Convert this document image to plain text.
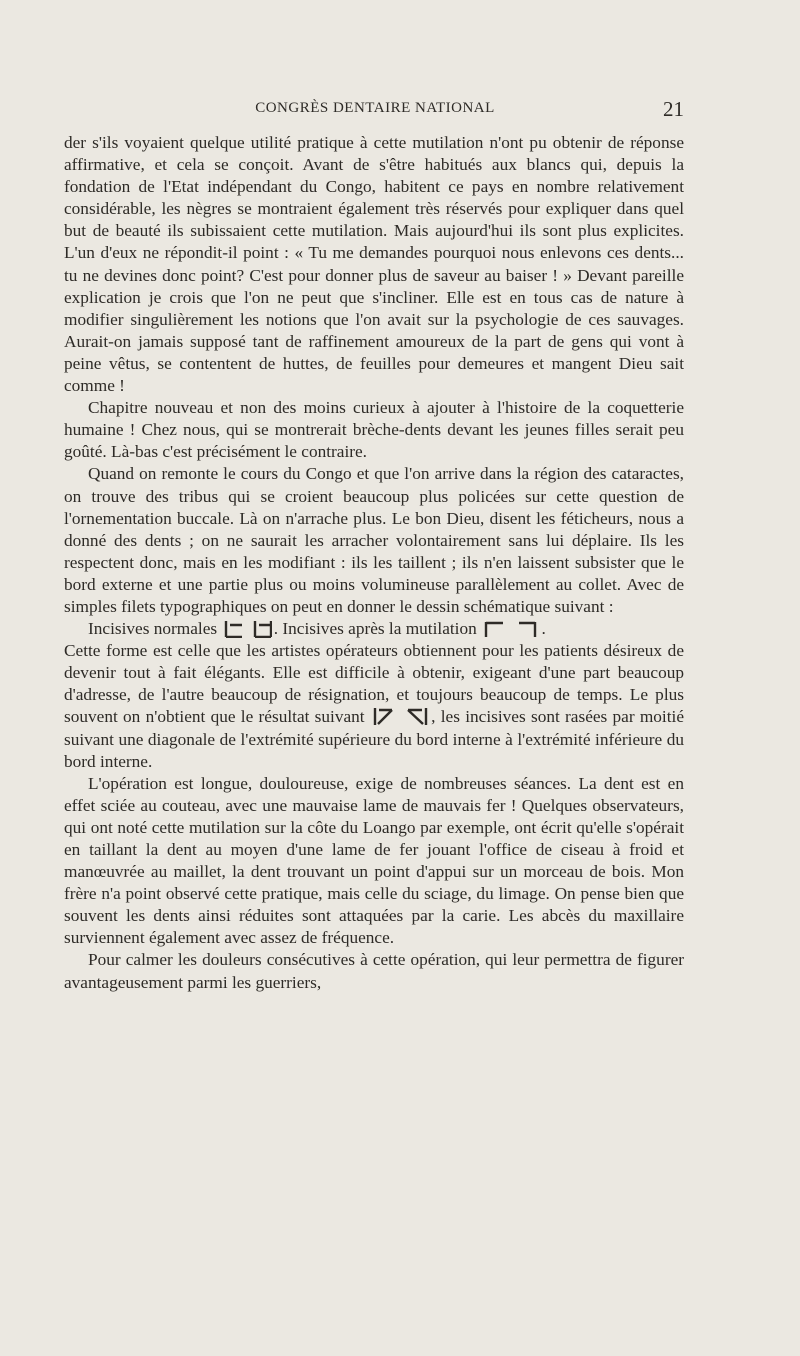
CONGRÈS DENTAIRE NATIONAL	21

der s'ils voyaient quelque utilité pratique à cette mutilation n'ont pu obtenir de réponse affirmative, et cela se conçoit. Avant de s'être habitués aux blancs qui, depuis la fondation de l'Etat indépendant du Congo, habitent ce pays en nombre relativement considérable, les nègres se montraient également très réservés pour expliquer dans quel but de beauté ils subissaient cette mutilation. Mais aujourd'hui ils sont plus explicites. L'un d'eux ne répondit-il point : « Tu me demandes pourquoi nous enlevons ces dents... tu ne devines donc point? C'est pour donner plus de saveur au baiser ! » Devant pareille explication je crois que l'on ne peut que s'incliner. Elle est en tous cas de nature à modifier singulièrement les notions que l'on avait sur la psychologie de ces sauvages. Aurait-on jamais supposé tant de raffinement amoureux de la part de gens qui vont à peine vêtus, se contentent de huttes, de feuilles pour demeures et mangent Dieu sait comme !

Chapitre nouveau et non des moins curieux à ajouter à l'histoire de la coquetterie humaine ! Chez nous, qui se montrerait brèche-dents devant les jeunes filles serait peu goûté. Là-bas c'est précisément le contraire.

Quand on remonte le cours du Congo et que l'on arrive dans la région des cataractes, on trouve des tribus qui se croient beaucoup plus policées sur cette question de l'ornementation buccale. Là on n'arrache plus. Le bon Dieu, disent les féticheurs, nous a donné des dents ; on ne saurait les arracher volontairement sans lui déplaire. Ils les respectent donc, mais en les modifiant : ils les taillent ; ils n'en laissent subsister que le bord externe et une partie plus ou moins volumineuse parallèlement au collet. Avec de simples filets typographiques on peut en donner le dessin schématique suivant :

Incisives normales
	. Incisives après la mutilation
	.

Cette forme est celle que les artistes opérateurs obtiennent pour les patients désireux de devenir tout à fait élégants. Elle est difficile à obtenir, exigeant d'une part beaucoup d'adresse, de l'autre beaucoup de résignation, et toujours beaucoup de temps. Le plus souvent on n'obtient que le résultat suivant
	, les incisives sont rasées par moitié suivant une diagonale de l'extrémité supérieure du bord interne à l'extrémité inférieure du bord interne.

L'opération est longue, douloureuse, exige de nombreuses séances. La dent est en effet sciée au couteau, avec une mauvaise lame de mauvais fer ! Quelques observateurs, qui ont noté cette mutilation sur la côte du Loango par exemple, ont écrit qu'elle s'opérait en taillant la dent au moyen d'une lame de fer jouant l'office de ciseau à froid et manœuvrée au maillet, la dent trouvant un point d'appui sur un morceau de bois. Mon frère n'a point observé cette pratique, mais celle du sciage, du limage. On pense bien que souvent les dents ainsi réduites sont attaquées par la carie. Les abcès du maxillaire surviennent également avec assez de fréquence.

Pour calmer les douleurs consécutives à cette opération, qui leur permettra de figurer avantageusement parmi les guerriers,
